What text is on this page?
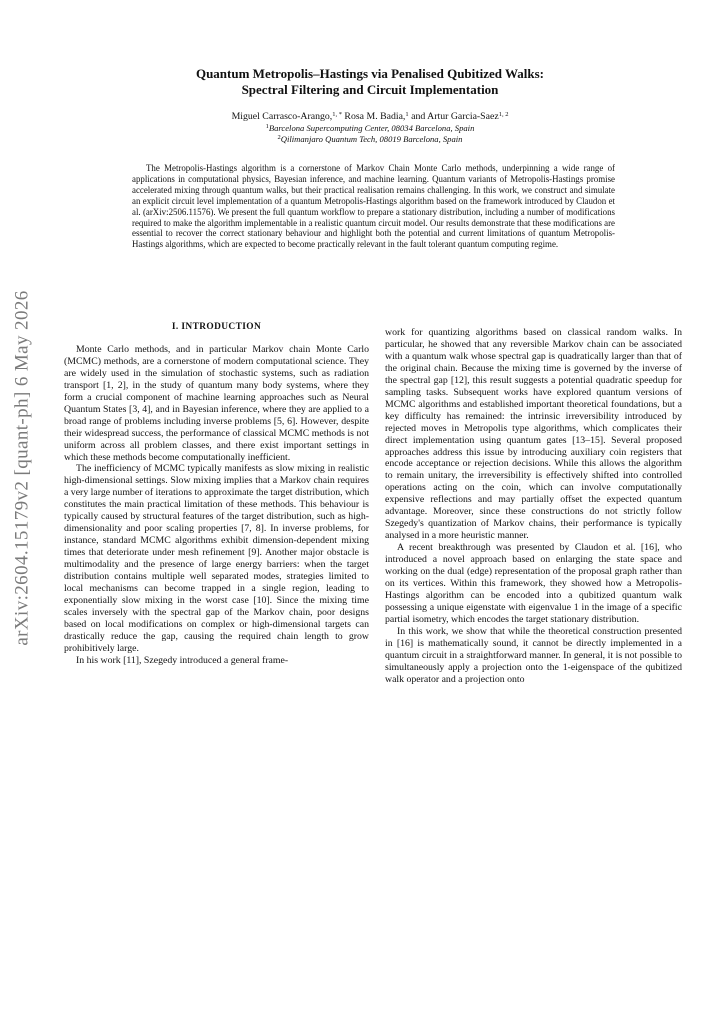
arXiv:2604.15179v2 [quant-ph] 6 May 2026
Quantum Metropolis–Hastings via Penalised Qubitized Walks:
Spectral Filtering and Circuit Implementation
Miguel Carrasco-Arango,$^{1, *}$ Rosa M. Badia,$^1$ and Artur Garcia-Saez$^{1, 2}$
$^1$Barcelona Supercomputing Center, 08034 Barcelona, Spain
$^2$Qilimanjaro Quantum Tech, 08019 Barcelona, Spain
The Metropolis-Hastings algorithm is a cornerstone of Markov Chain Monte Carlo methods, underpinning a wide range of applications in computational physics, Bayesian inference, and machine learning. Quantum variants of Metropolis-Hastings promise accelerated mixing through quantum walks, but their practical realisation remains challenging. In this work, we construct and simulate an explicit circuit level implementation of a quantum Metropolis-Hastings algorithm based on the framework introduced by Claudon et al. (arXiv:2506.11576). We present the full quantum workflow to prepare a stationary distribution, including a number of modifications required to make the algorithm implementable in a realistic quantum circuit model. Our results demonstrate that these modifications are essential to recover the correct stationary behaviour and highlight both the potential and current limitations of quantum Metropolis-Hastings algorithms, which are expected to become practically relevant in the fault tolerant quantum computing regime.
I. INTRODUCTION

Monte Carlo methods, and in particular Markov chain Monte Carlo (MCMC) methods, are a cornerstone of modern computational science. They are widely used in the simulation of stochastic systems, such as radiation transport [1, 2], in the study of quantum many body systems, where they form a crucial component of machine learning approaches such as Neural Quantum States [3, 4], and in Bayesian inference, where they are applied to a broad range of problems including inverse problems [5, 6]. However, despite their widespread success, the performance of classical MCMC methods is not uniform across all problem classes, and there exist important settings in which these methods become computationally inefficient.

The inefficiency of MCMC typically manifests as slow mixing in realistic high-dimensional settings. Slow mixing implies that a Markov chain requires a very large number of iterations to approximate the target distribution, which constitutes the main practical limitation of these methods. This behaviour is typically caused by structural features of the target distribution, such as high-dimensionality and poor scaling properties [7, 8]. In inverse problems, for instance, standard MCMC algorithms exhibit dimension-dependent mixing times that deteriorate under mesh refinement [9]. Another major obstacle is multimodality and the presence of large energy barriers: when the target distribution contains multiple well separated modes, strategies limited to local mechanisms can become trapped in a single region, leading to exponentially slow mixing in the worst case [10]. Since the mixing time scales inversely with the spectral gap of the Markov chain, poor designs based on local modifications on complex or high-dimensional targets can drastically reduce the gap, causing the required chain length to grow prohibitively large.

In his work [11], Szegedy introduced a general frame-

work for quantizing algorithms based on classical random walks. In particular, he showed that any reversible Markov chain can be associated with a quantum walk whose spectral gap is quadratically larger than that of the original chain. Because the mixing time is governed by the inverse of the spectral gap [12], this result suggests a potential quadratic speedup for sampling tasks. Subsequent works have explored quantum versions of MCMC algorithms and established important theoretical foundations, but a key difficulty has remained: the intrinsic irreversibility introduced by rejected moves in Metropolis type algorithms, which complicates their direct implementation using quantum gates [13–15]. Several proposed approaches address this issue by introducing auxiliary coin registers that encode acceptance or rejection decisions. While this allows the algorithm to remain unitary, the irreversibility is effectively shifted into controlled operations acting on the coin, which can involve computationally expensive reflections and may partially offset the expected quantum advantage. Moreover, since these constructions do not strictly follow Szegedy's quantization of Markov chains, their performance is typically analysed in a more heuristic manner.

A recent breakthrough was presented by Claudon et al. [16], who introduced a novel approach based on enlarging the state space and working on the dual (edge) representation of the proposal graph rather than on its vertices. Within this framework, they showed how a Metropolis-Hastings algorithm can be encoded into a qubitized quantum walk possessing a unique eigenstate with eigenvalue 1 in the image of a specific partial isometry, which encodes the target stationary distribution.

In this work, we show that while the theoretical construction presented in [16] is mathematically sound, it cannot be directly implemented in a quantum circuit in a straightforward manner. In general, it is not possible to simultaneously apply a projection onto the 1-eigenspace of the qubitized walk operator and a projection onto
